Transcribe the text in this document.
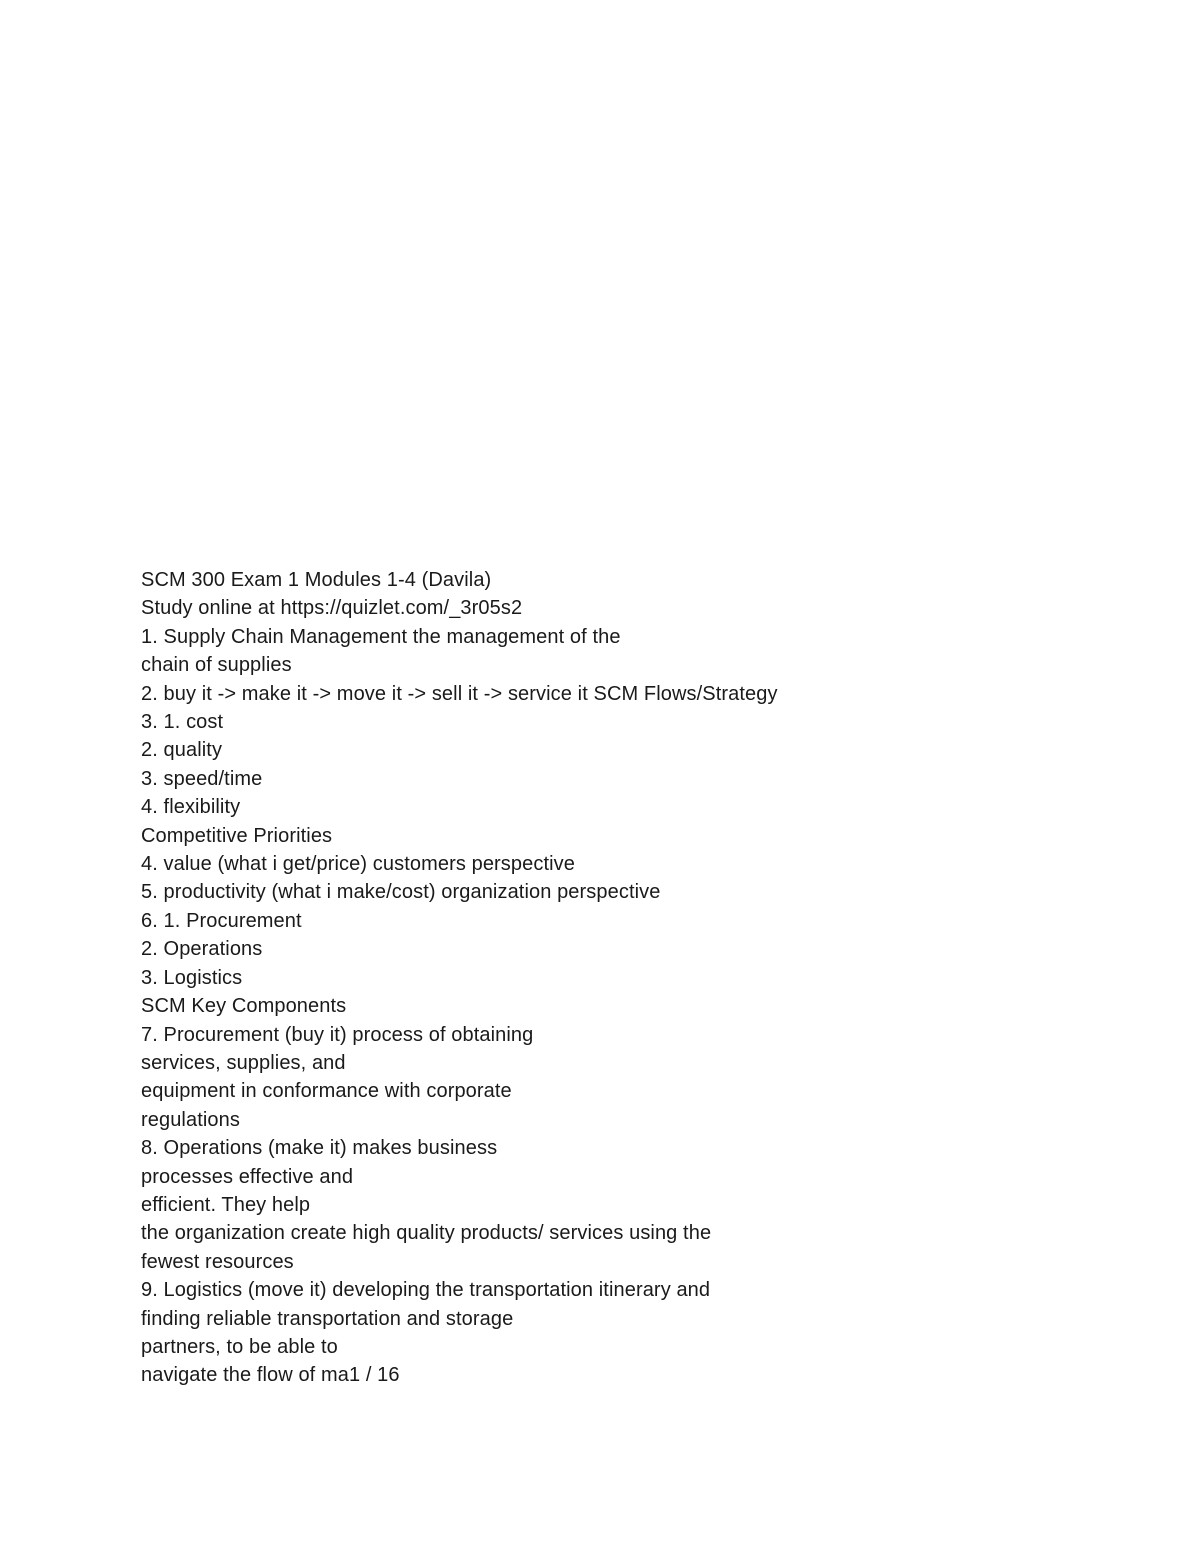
SCM 300 Exam 1 Modules 1-4 (Davila)
Study online at https://quizlet.com/_3r05s2
1. Supply Chain Management the management of the
chain of supplies
2. buy it -> make it -> move it -> sell it -> service it SCM Flows/Strategy
3. 1. cost
2. quality
3. speed/time
4. flexibility
Competitive Priorities
4. value (what i get/price) customers perspective
5. productivity (what i make/cost) organization perspective
6. 1. Procurement
2. Operations
3. Logistics
SCM Key Components
7. Procurement (buy it) process of obtaining
services, supplies, and
equipment in conformance with corporate
regulations
8. Operations (make it) makes business
processes effective and
efficient. They help
the organization create high quality products/ services using the
fewest resources
9. Logistics (move it) developing the transportation itinerary and
finding reliable transportation and storage
partners, to be able to
navigate the flow of ma1 / 16
